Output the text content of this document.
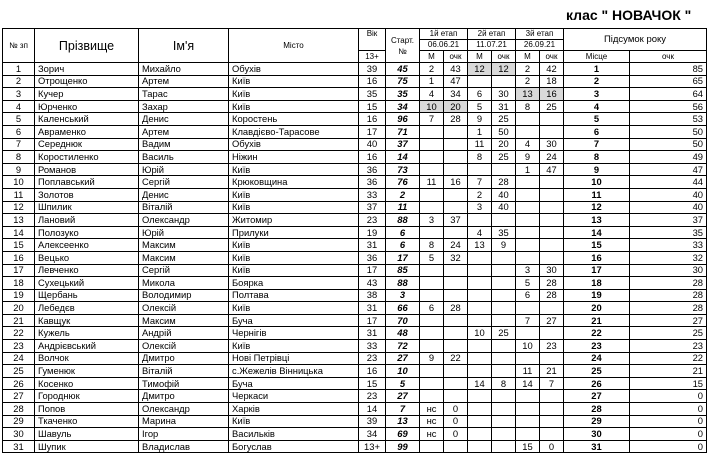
клас " НОВАЧОК "
№ зп	Прізвище	Ім'я	Місто	Вік	Старт. №	1й етап		2й етап		3й етап		Підсумок року	
						06.06.21		11.07.21		26.09.21			
				13+		М	очк	М	очк	М	очк	Місце	очк
1	Зорич	Михайло	Обухів	39	45	2	43	12	12	2	42	1	85
2	Отрощенко	Артем	Київ	16	75	1	47			2	18	2	65
3	Кучер	Тарас	Київ	35	35	4	34	6	30	13	16	3	64
4	Юрченко	Захар	Київ	15	34	10	20	5	31	8	25	4	56
5	Каленський	Денис	Коростень	16	96	7	28	9	25			5	53
6	Авраменко	Артем	Клавдієво-Тарасове	17	71			1	50			6	50
7	Середнюк	Вадим	Обухів	40	37			11	20	4	30	7	50
8	Коростиленко	Василь	Ніжин	16	14			8	25	9	24	8	49
9	Романов	Юрій	Київ	36	73					1	47	9	47
10	Поплавський	Сергій	Крюковщина	36	76	11	16	7	28			10	44
11	Золотов	Денис	Київ	33	2			2	40			11	40
12	Шпилик	Віталій	Київ	37	11			3	40			12	40
13	Лановий	Олександр	Житомир	23	88	3	37					13	37
14	Полозуко	Юрій	Прилуки	19	6			4	35			14	35
15	Алексеенко	Максим	Київ	31	6	8	24	13	9			15	33
16	Вецько	Максим	Київ	36	17	5	32					16	32
17	Левченко	Сергій	Київ	17	85					3	30	17	30
18	Сухецький	Микола	Боярка	43	88					5	28	18	28
19	Щербань	Володимир	Полтава	38	3					6	28	19	28
20	Лебедєв	Олексій	Київ	31	66	6	28					20	28
21	Кавщук	Максим	Буча	17	70					7	27	21	27
22	Кужель	Андрій	Чернігів	31	48			10	25			22	25
23	Андрієвський	Олексій	Київ	33	72					10	23	23	23
24	Волчок	Дмитро	Нові Петрівці	23	27	9	22					24	22
25	Гуменюк	Віталій	с.Жежелів Вінницька	16	10					11	21	25	21
26	Косенко	Тимофій	Буча	15	5			14	8	14	7	26	15
27	Городнюк	Дмитро	Черкаси	23	27							27	0
28	Попов	Олександр	Харків	14	7	нс	0					28	0
29	Ткаченко	Марина	Київ	39	13	нс	0					29	0
30	Шавуль	Ігор	Васильків	34	69	нс	0					30	0
31	Шупик	Владислав	Богуслав	13+	99					15	0	31	0
